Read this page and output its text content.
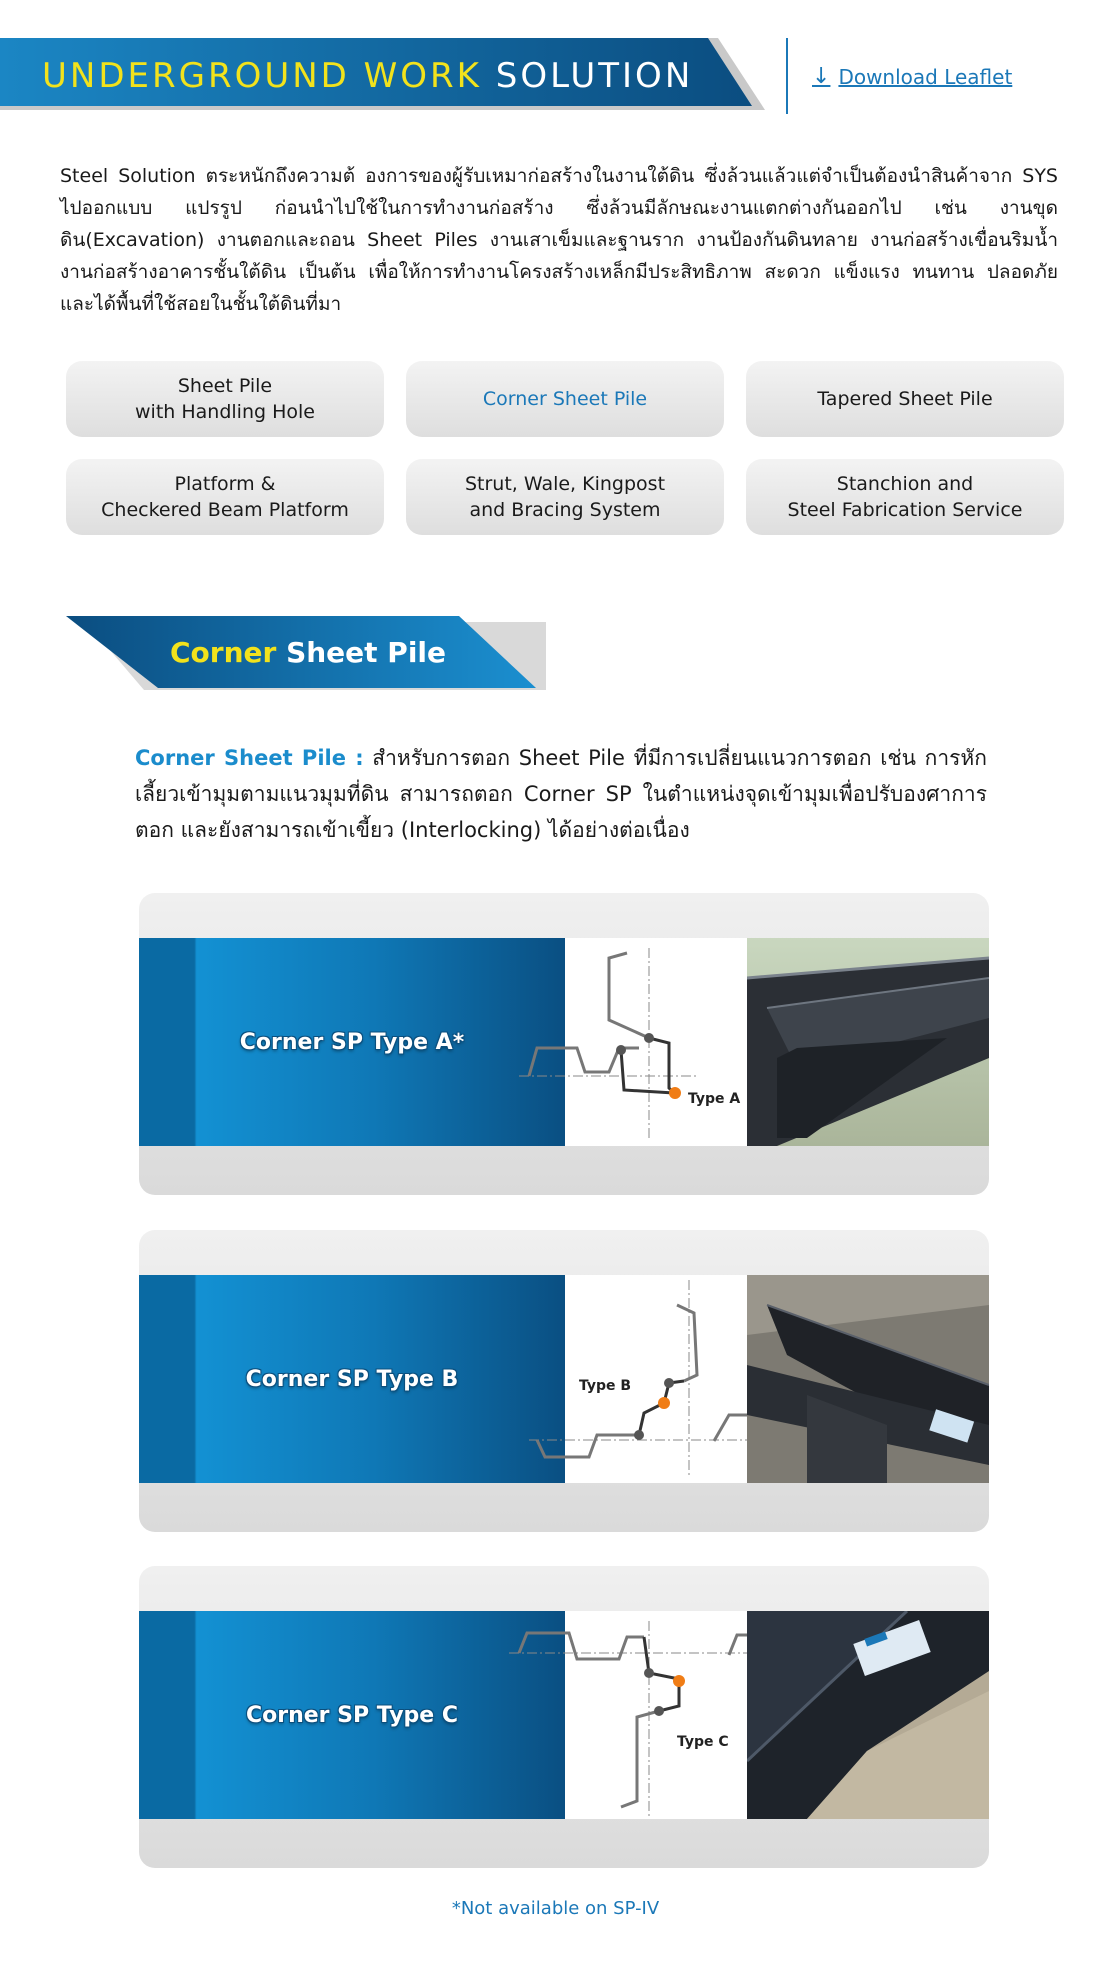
UNDERGROUND WORK SOLUTION	↓ Download Leaflet
Steel Solution ตระหนักถึงความต้ องการของผู้รับเหมาก่อสร้างในงานใต้ดิน ซึ่งล้วนแล้วแต่จำเป็นต้องนำสินค้าจาก SYS ไปออกแบบ แปรรูป ก่อนนำไปใช้ในการทำงานก่อสร้าง ซึ่งล้วนมีลักษณะงานแตกต่างกันออกไป เช่น งานขุดดิน(Excavation) งานตอกและถอน Sheet Piles งานเสาเข็มและฐานราก งานป้องกันดินทลาย งานก่อสร้างเขื่อนริมน้ำ งานก่อสร้างอาคารชั้นใต้ดิน เป็นต้น เพื่อให้การทำงานโครงสร้างเหล็กมีประสิทธิภาพ สะดวก แข็งแรง ทนทาน ปลอดภัย และได้พื้นที่ใช้สอยในชั้นใต้ดินที่มา
Sheet Pile
with Handling Hole
Corner Sheet Pile	Tapered Sheet Pile
Platform &
Checkered Beam Platform
Strut, Wale, Kingpost
and Bracing System
Stanchion and
Steel Fabrication Service
Corner Sheet Pile
Corner Sheet Pile : สำหรับการตอก Sheet Pile ที่มีการเปลี่ยนแนวการตอก เช่น การหักเลี้ยวเข้ามุมตามแนวมุมที่ดิน สามารถตอก Corner SP ในตำแหน่งจุดเข้ามุมเพื่อปรับองศาการตอก และยังสามารถเข้าเขี้ยว (Interlocking) ได้อย่างต่อเนื่อง
Corner SP Type A*
Type A
Corner SP Type B	Type B
Corner SP Type C
Type C
*Not available on SP-IV
